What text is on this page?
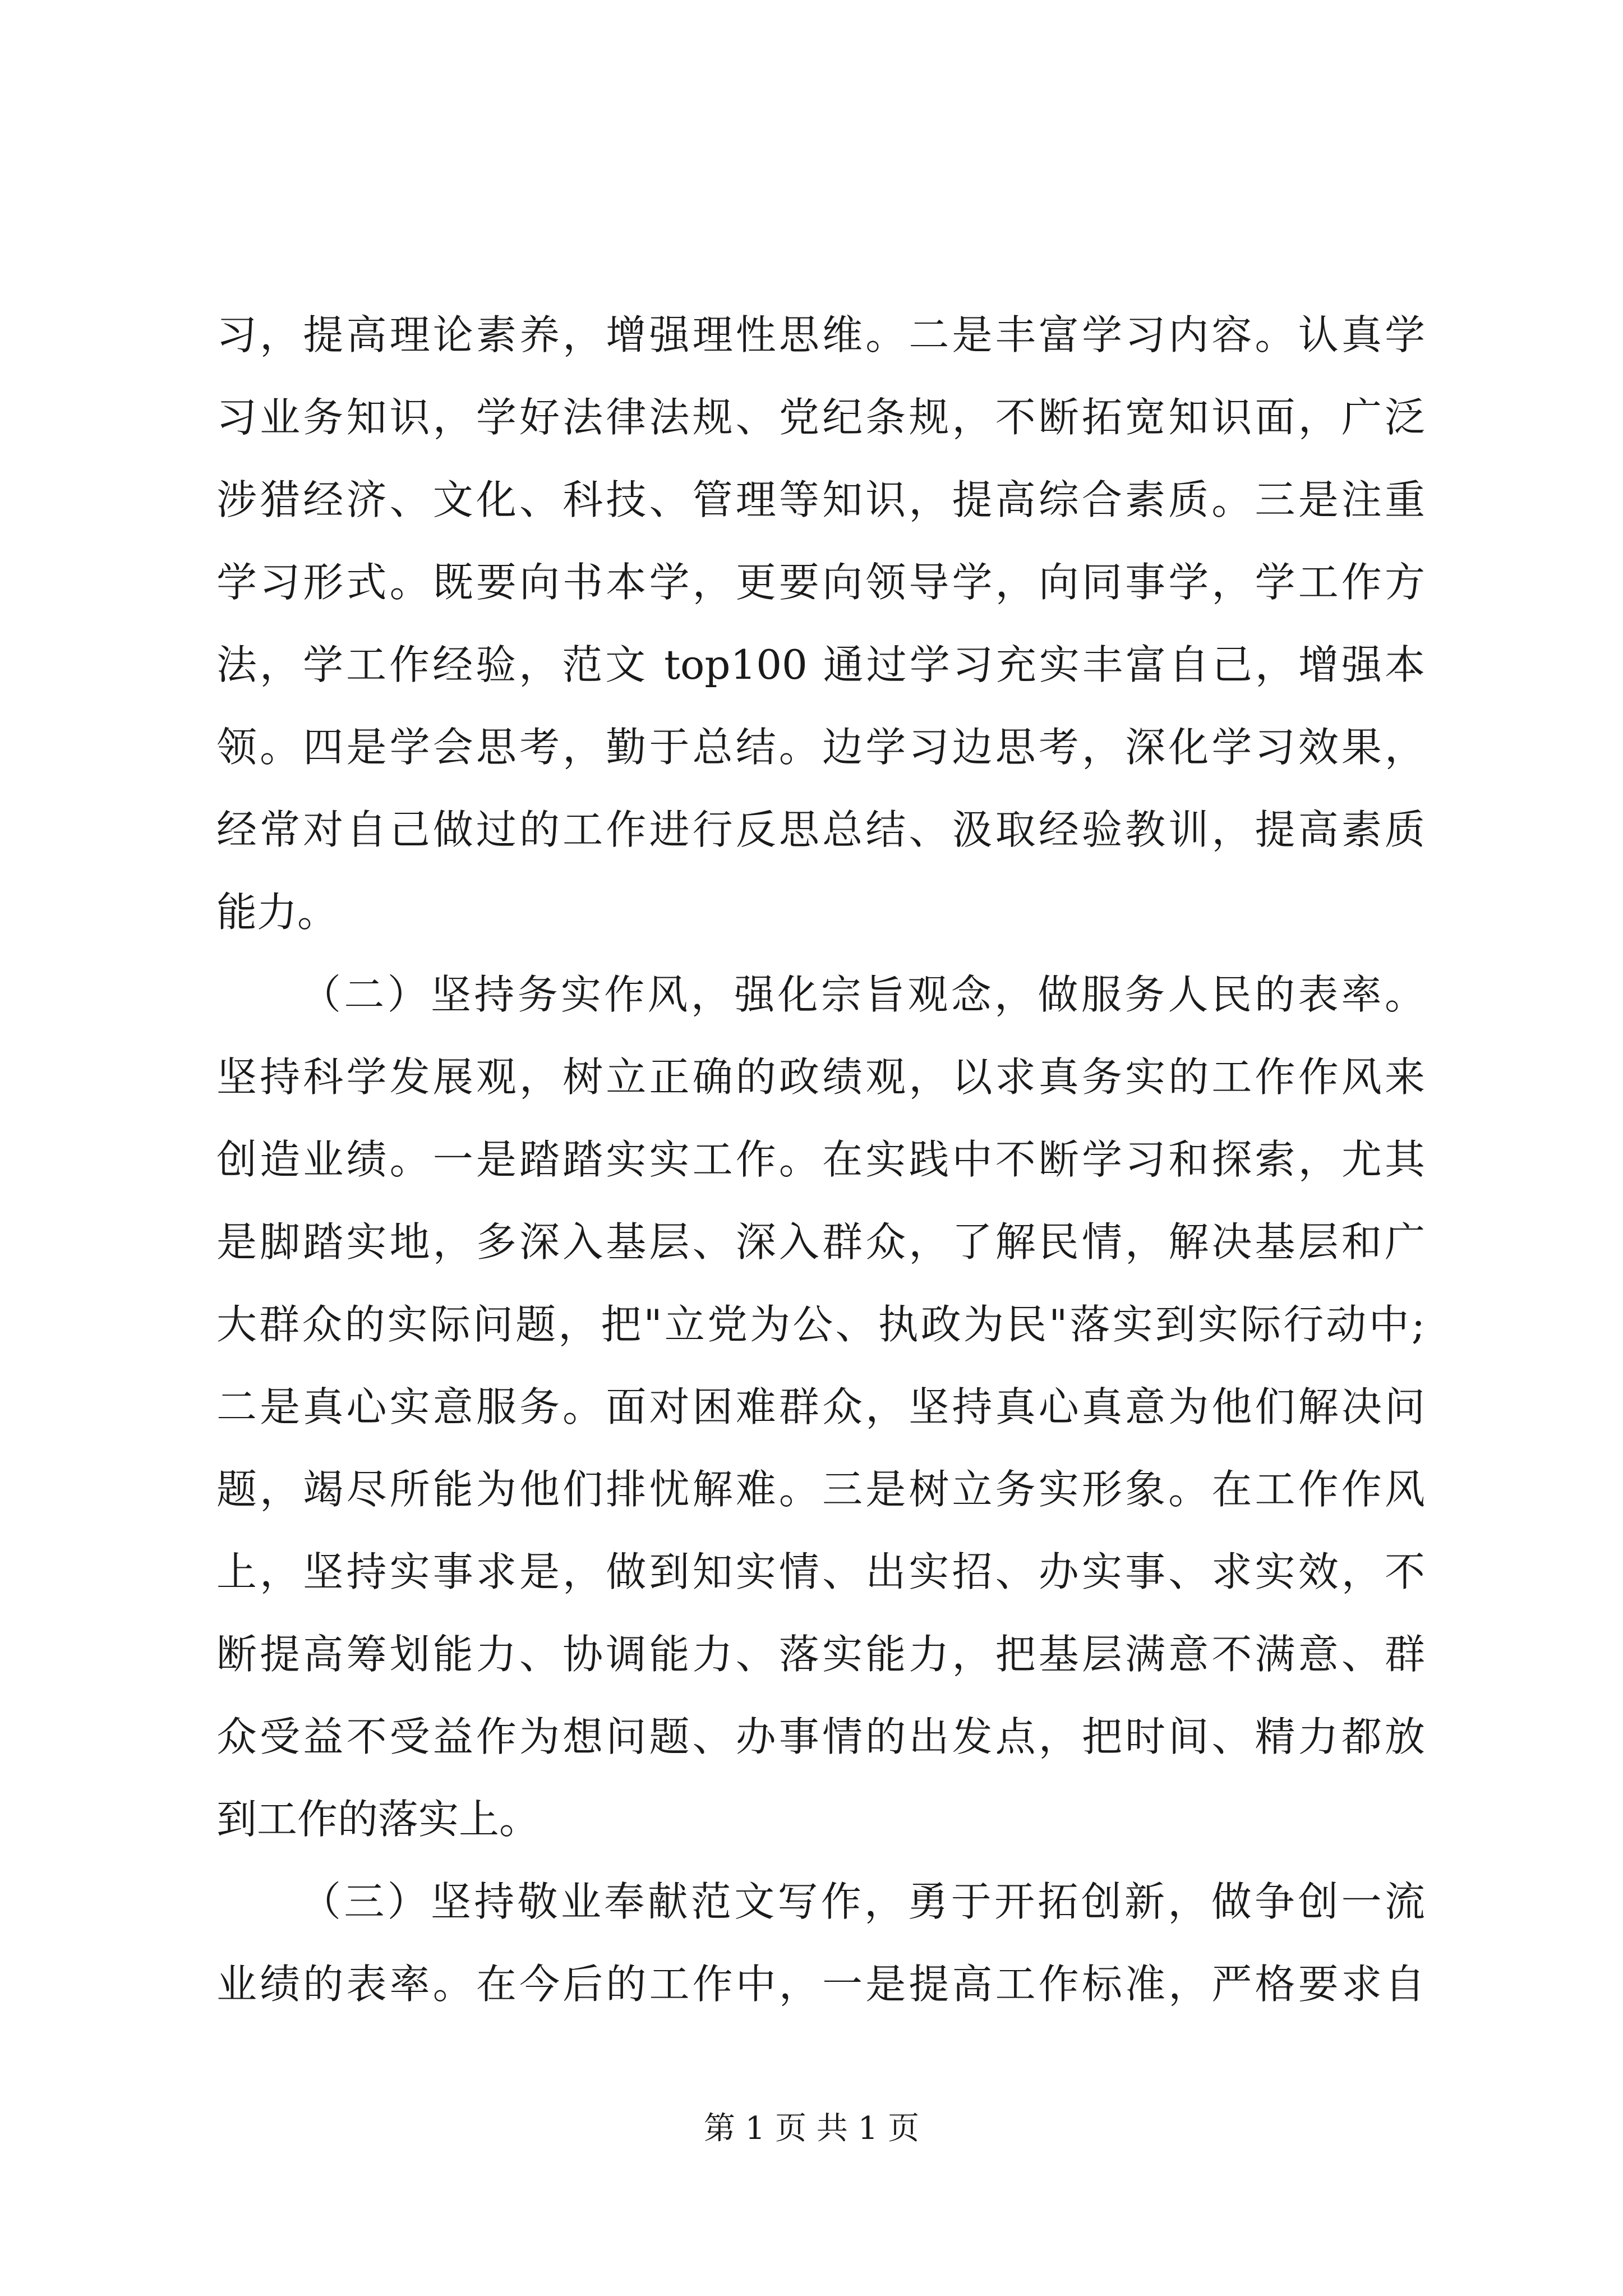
习，提高理论素养，增强理性思维。二是丰富学习内容。认真学
习业务知识，学好法律法规、党纪条规，不断拓宽知识面，广泛
涉猎经济、文化、科技、管理等知识，提高综合素质。三是注重
学习形式。既要向书本学，更要向领导学，向同事学，学工作方
法，学工作经验，范文 top100 通过学习充实丰富自己，增强本
领。四是学会思考，勤于总结。边学习边思考，深化学习效果，
经常对自己做过的工作进行反思总结、汲取经验教训，提高素质
能力。
（二）坚持务实作风，强化宗旨观念，做服务人民的表率。
坚持科学发展观，树立正确的政绩观，以求真务实的工作作风来
创造业绩。一是踏踏实实工作。在实践中不断学习和探索，尤其
是脚踏实地，多深入基层、深入群众，了解民情，解决基层和广
大群众的实际问题，把"立党为公、执政为民"落实到实际行动中;
二是真心实意服务。面对困难群众，坚持真心真意为他们解决问
题，竭尽所能为他们排忧解难。三是树立务实形象。在工作作风
上，坚持实事求是，做到知实情、出实招、办实事、求实效，不
断提高筹划能力、协调能力、落实能力，把基层满意不满意、群
众受益不受益作为想问题、办事情的出发点，把时间、精力都放
到工作的落实上。
（三）坚持敬业奉献范文写作，勇于开拓创新，做争创一流
业绩的表率。在今后的工作中，一是提高工作标准，严格要求自
第 1 页 共 1 页
